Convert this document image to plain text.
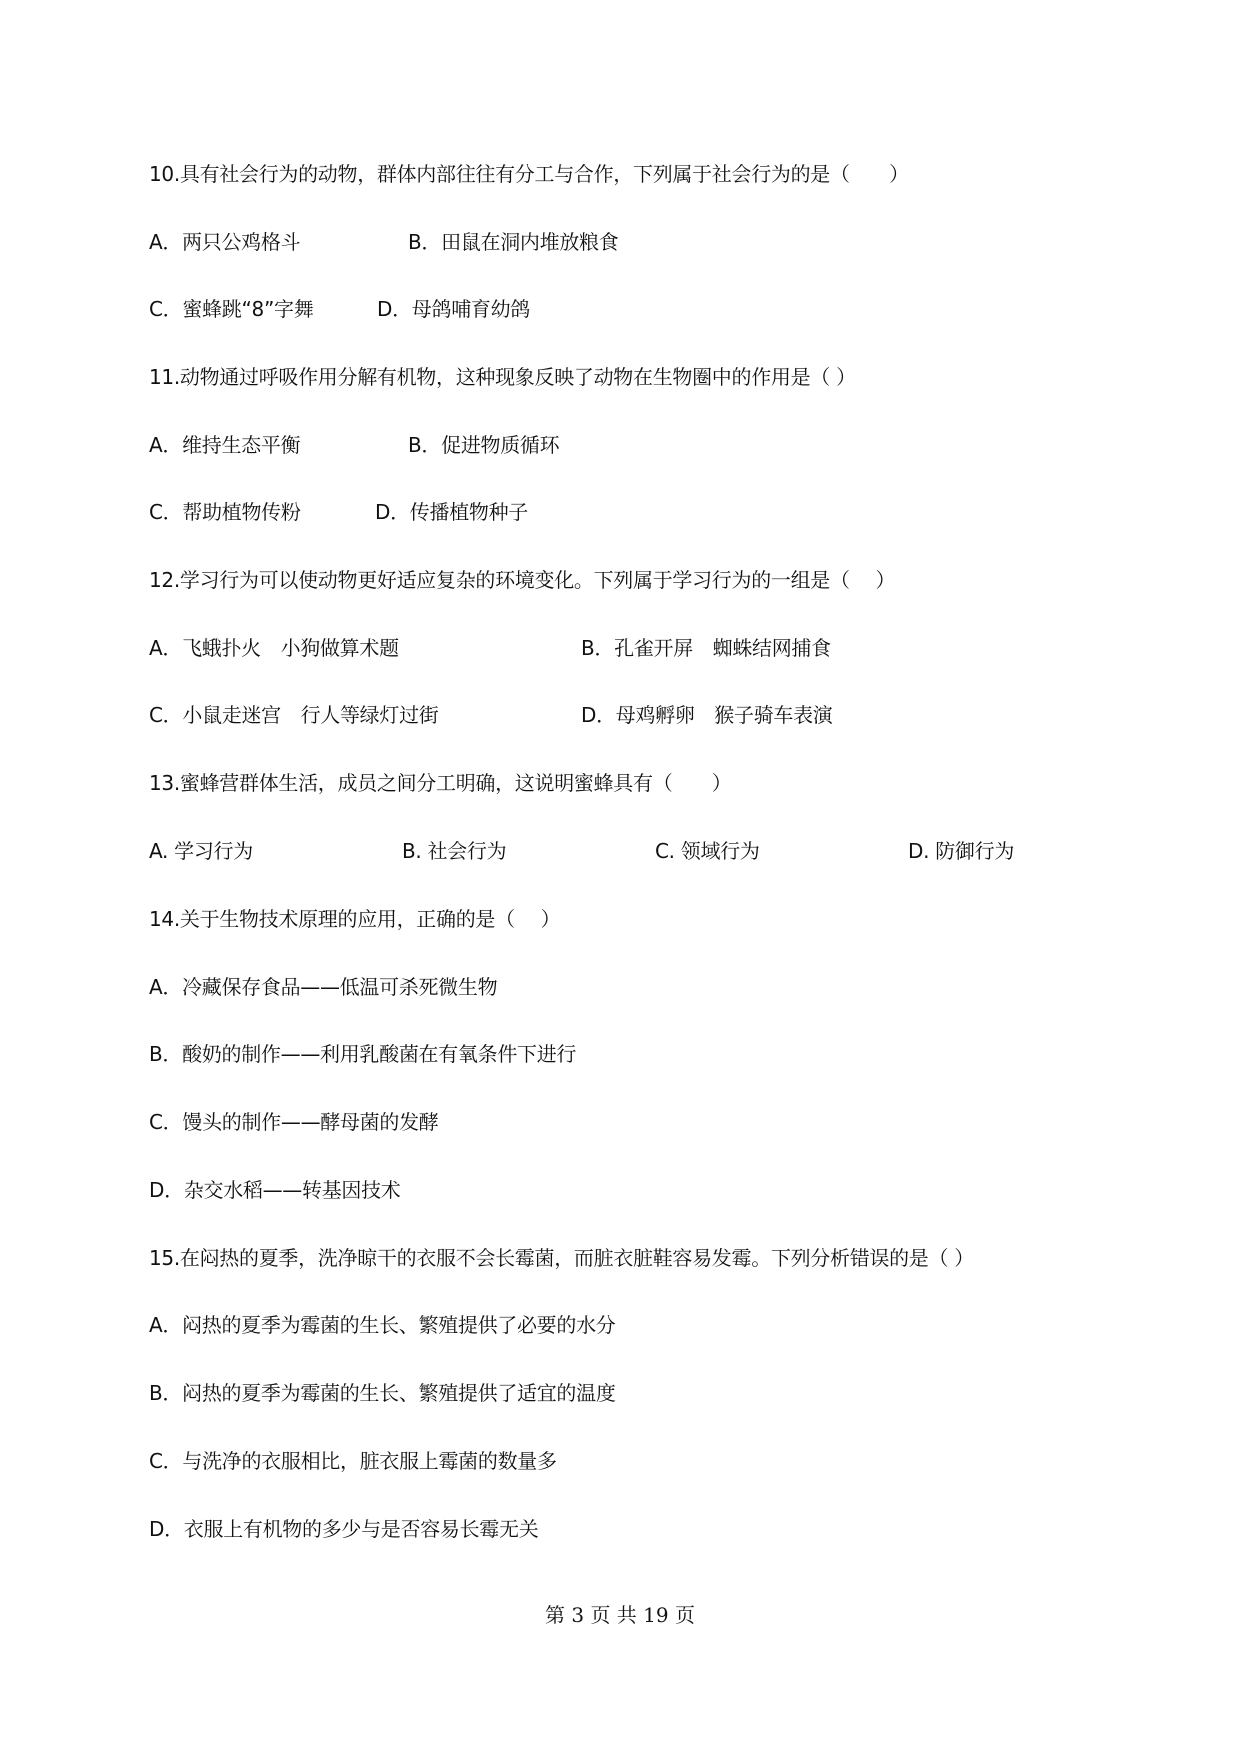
10.具有社会行为的动物，群体内部往往有分工与合作，下列属于社会行为的是（　　）
A．两只公鸡格斗	B．田鼠在洞内堆放粮食
C．蜜蜂跳“8”字舞	D．母鸽哺育幼鸽
11.动物通过呼吸作用分解有机物，这种现象反映了动物在生物圈中的作用是（ ）
A．维持生态平衡	B．促进物质循环
C．帮助植物传粉	D．传播植物种子
12.学习行为可以使动物更好适应复杂的环境变化。下列属于学习行为的一组是（　 ）
A．飞蛾扑火　小狗做算术题	B．孔雀开屏　蜘蛛结网捕食
C．小鼠走迷宫　行人等绿灯过街	D．母鸡孵卵　猴子骑车表演
13.蜜蜂营群体生活，成员之间分工明确，这说明蜜蜂具有（　　）
A. 学习行为	B. 社会行为	C. 领域行为	D. 防御行为
14.关于生物技术原理的应用，正确的是（　 ）
A．冷藏保存食品——低温可杀死微生物
B．酸奶的制作——利用乳酸菌在有氧条件下进行
C．馒头的制作——酵母菌的发酵
D．杂交水稻——转基因技术
15.在闷热的夏季，洗净晾干的衣服不会长霉菌，而脏衣脏鞋容易发霉。下列分析错误的是（ ）
A．闷热的夏季为霉菌的生长、繁殖提供了必要的水分
B．闷热的夏季为霉菌的生长、繁殖提供了适宜的温度
C．与洗净的衣服相比，脏衣服上霉菌的数量多
D．衣服上有机物的多少与是否容易长霉无关
第 3 页 共 19 页
